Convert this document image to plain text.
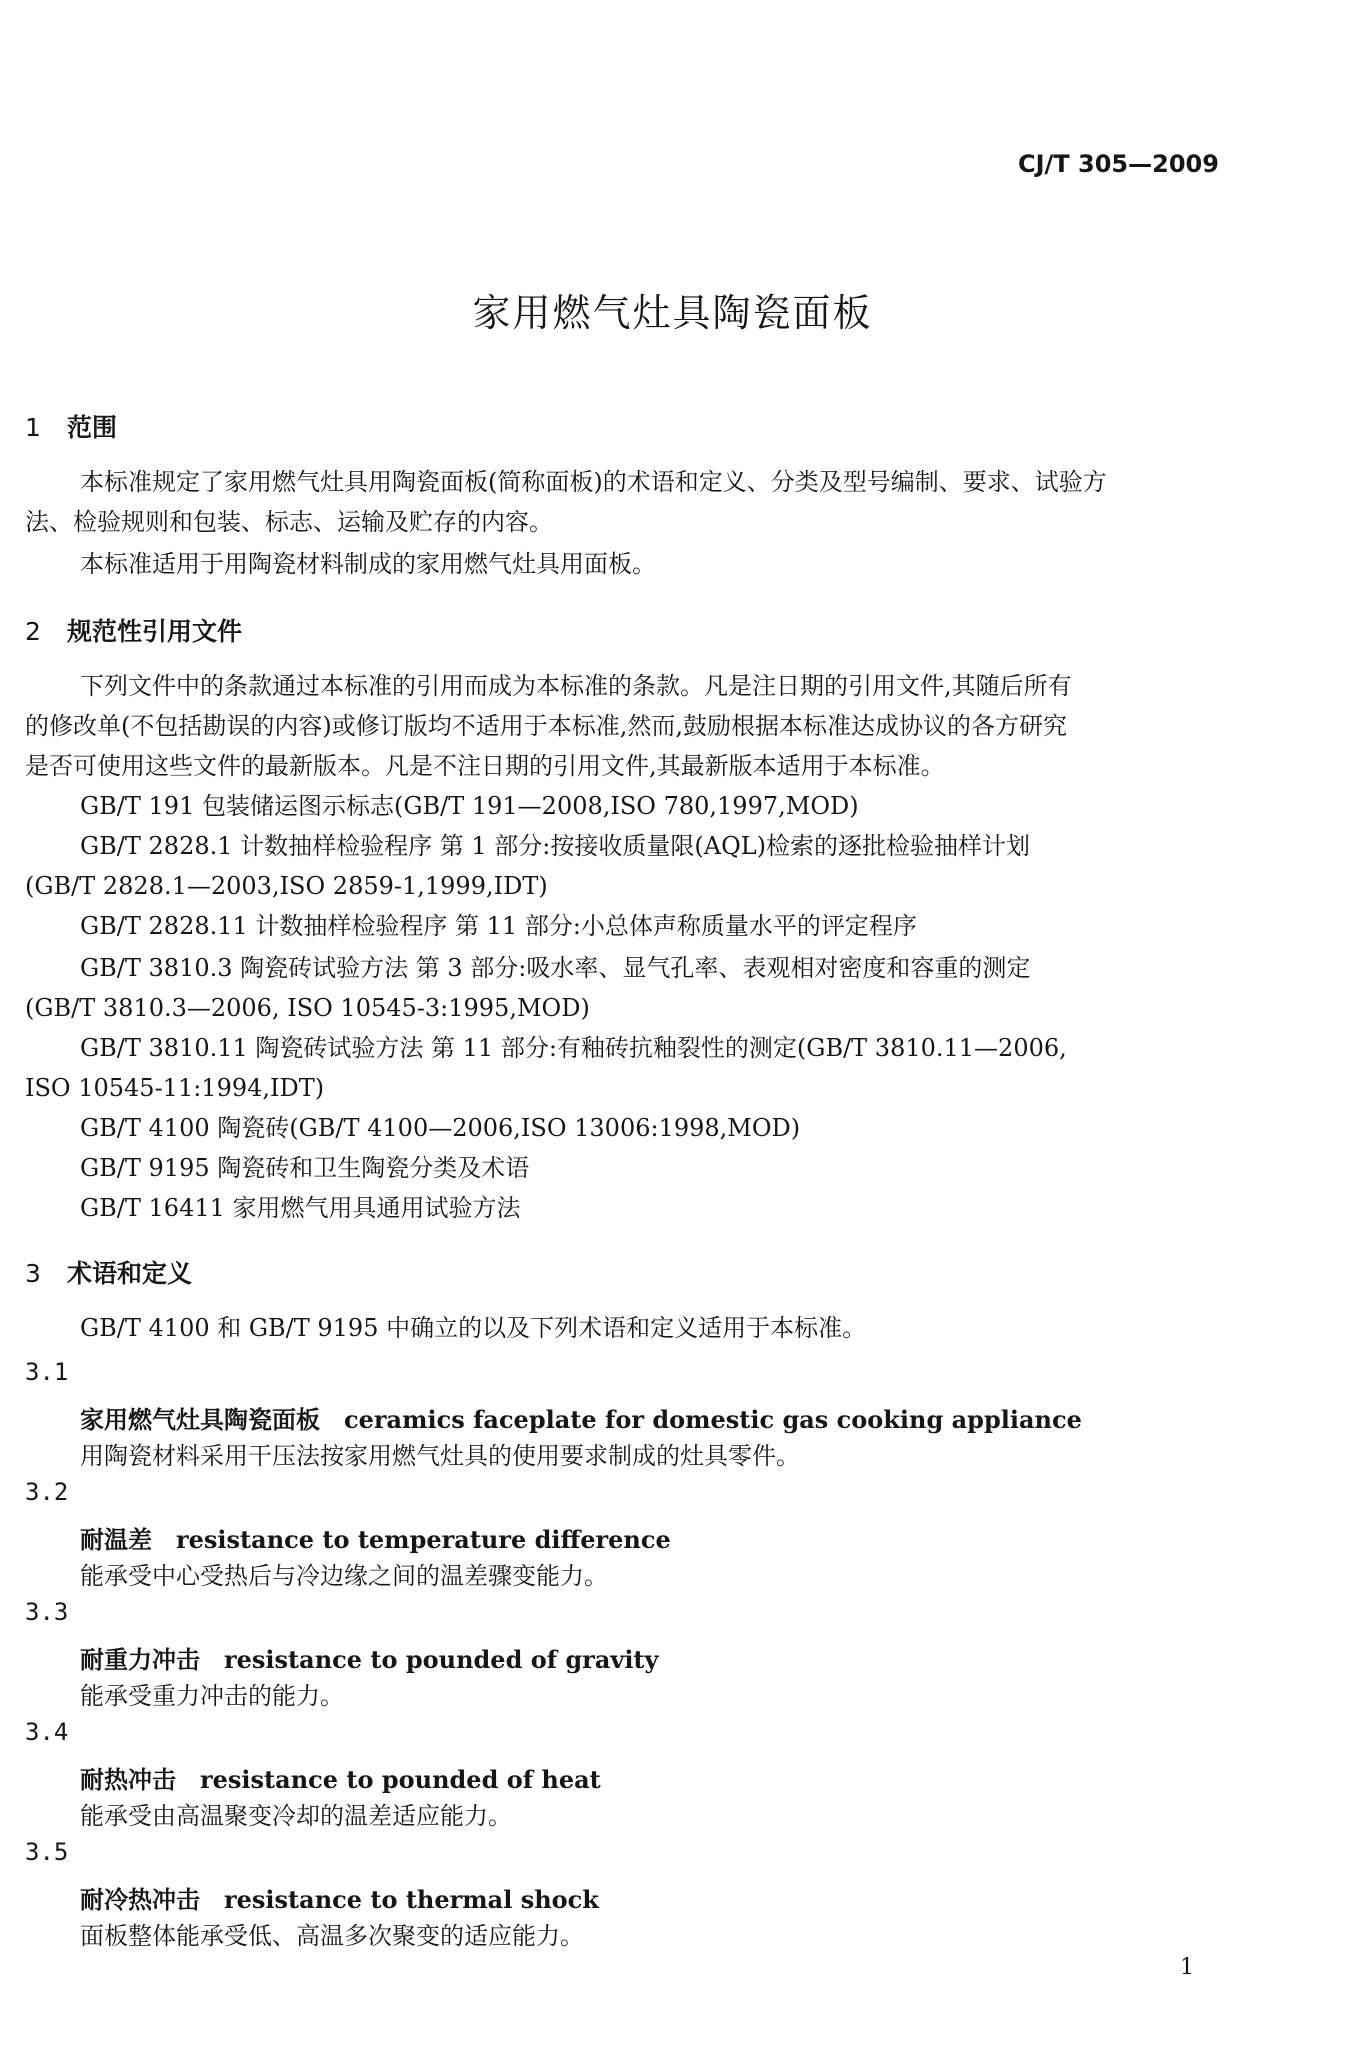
CJ/T 305—2009
家用燃气灶具陶瓷面板
1 范围
本标准规定了家用燃气灶具用陶瓷面板(简称面板)的术语和定义、分类及型号编制、要求、试验方
法、检验规则和包装、标志、运输及贮存的内容。
本标准适用于用陶瓷材料制成的家用燃气灶具用面板。
2 规范性引用文件
下列文件中的条款通过本标准的引用而成为本标准的条款。凡是注日期的引用文件,其随后所有
的修改单(不包括勘误的内容)或修订版均不适用于本标准,然而,鼓励根据本标准达成协议的各方研究
是否可使用这些文件的最新版本。凡是不注日期的引用文件,其最新版本适用于本标准。
GB/T 191 包装储运图示标志(GB/T 191—2008,ISO 780,1997,MOD)
GB/T 2828.1 计数抽样检验程序 第 1 部分:按接收质量限(AQL)检索的逐批检验抽样计划
(GB/T 2828.1—2003,ISO 2859-1,1999,IDT)
GB/T 2828.11 计数抽样检验程序 第 11 部分:小总体声称质量水平的评定程序
GB/T 3810.3 陶瓷砖试验方法 第 3 部分:吸水率、显气孔率、表观相对密度和容重的测定
(GB/T 3810.3—2006, ISO 10545-3:1995,MOD)
GB/T 3810.11 陶瓷砖试验方法 第 11 部分:有釉砖抗釉裂性的测定(GB/T 3810.11—2006,
ISO 10545-11:1994,IDT)
GB/T 4100 陶瓷砖(GB/T 4100—2006,ISO 13006:1998,MOD)
GB/T 9195 陶瓷砖和卫生陶瓷分类及术语
GB/T 16411 家用燃气用具通用试验方法
3 术语和定义
GB/T 4100 和 GB/T 9195 中确立的以及下列术语和定义适用于本标准。
3.1
家用燃气灶具陶瓷面板 ceramics faceplate for domestic gas cooking appliance
用陶瓷材料采用干压法按家用燃气灶具的使用要求制成的灶具零件。
3.2
耐温差 resistance to temperature difference
能承受中心受热后与冷边缘之间的温差骤变能力。
3.3
耐重力冲击 resistance to pounded of gravity
能承受重力冲击的能力。
3.4
耐热冲击 resistance to pounded of heat
能承受由高温聚变冷却的温差适应能力。
3.5
耐冷热冲击 resistance to thermal shock
面板整体能承受低、高温多次聚变的适应能力。
1
